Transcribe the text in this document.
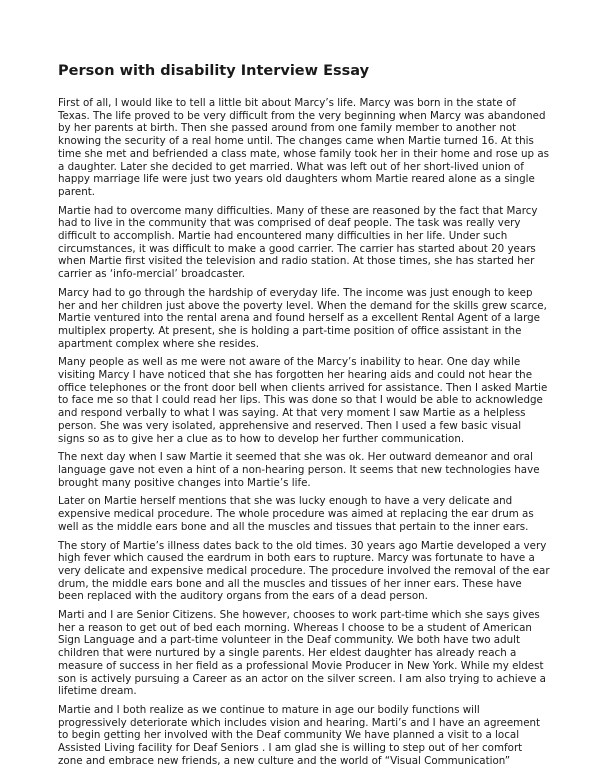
Person with disability Interview Essay

First of all, I would like to tell a little bit about Marcy’s life. Marcy was born in the state of Texas. The life proved to be very difficult from the very beginning when Marcy was abandoned by her parents at birth. Then she passed around from one family member to another not knowing the security of a real home until. The changes came when Martie turned 16. At this time she met and befriended a class mate, whose family took her in their home and rose up as a daughter. Later she decided to get married. What was left out of her short-lived union of happy marriage life were just two years old daughters whom Martie reared alone as a single parent.

Martie had to overcome many difficulties. Many of these are reasoned by the fact that Marcy had to live in the community that was comprised of deaf people. The task was really very difficult to accomplish. Martie had encountered many difficulties in her life. Under such circumstances, it was difficult to make a good carrier. The carrier has started about 20 years when Martie first visited the television and radio station. At those times, she has started her carrier as ‘info-mercial’ broadcaster.

Marcy had to go through the hardship of everyday life. The income was just enough to keep her and her children just above the poverty level. When the demand for the skills grew scarce, Martie ventured into the rental arena and found herself as a excellent Rental Agent of a large multiplex property. At present, she is holding a part-time position of office assistant in the apartment complex where she resides.

Many people as well as me were not aware of the Marcy’s inability to hear. One day while visiting Marcy I have noticed that she has forgotten her hearing aids and could not hear the office telephones or the front door bell when clients arrived for assistance. Then I asked Martie to face me so that I could read her lips. This was done so that I would be able to acknowledge and respond verbally to what I was saying. At that very moment I saw Martie as a helpless person. She was very isolated, apprehensive and reserved. Then I used a few basic visual signs so as to give her a clue as to how to develop her further communication.

The next day when I saw Martie it seemed that she was ok. Her outward demeanor and oral language gave not even a hint of a non-hearing person. It seems that new technologies have brought many positive changes into Martie’s life.

Later on Martie herself mentions that she was lucky enough to have a very delicate and expensive medical procedure. The whole procedure was aimed at replacing the ear drum as well as the middle ears bone and all the muscles and tissues that pertain to the inner ears.

The story of Martie’s illness dates back to the old times. 30 years ago Martie developed a very high fever which caused the eardrum in both ears to rupture. Marcy was fortunate to have a very delicate and expensive medical procedure. The procedure involved the removal of the ear drum, the middle ears bone and all the muscles and tissues of her inner ears. These have been replaced with the auditory organs from the ears of a dead person.

Marti and I are Senior Citizens. She however, chooses to work part-time which she says gives her a reason to get out of bed each morning. Whereas I choose to be a student of American Sign Language and a part-time volunteer in the Deaf community. We both have two adult children that were nurtured by a single parents. Her eldest daughter has already reach a measure of success in her field as a professional Movie Producer in New York. While my eldest son is actively pursuing a Career as an actor on the silver screen. I am also trying to achieve a lifetime dream.

Martie and I both realize as we continue to mature in age our bodily functions will progressively deteriorate which includes vision and hearing. Marti’s and I have an agreement to begin getting her involved with the Deaf community We have planned a visit to a local Assisted Living facility for Deaf Seniors . I am glad she is willing to step out of her comfort zone and embrace new friends, a new culture and the world of “Visual Communication”
